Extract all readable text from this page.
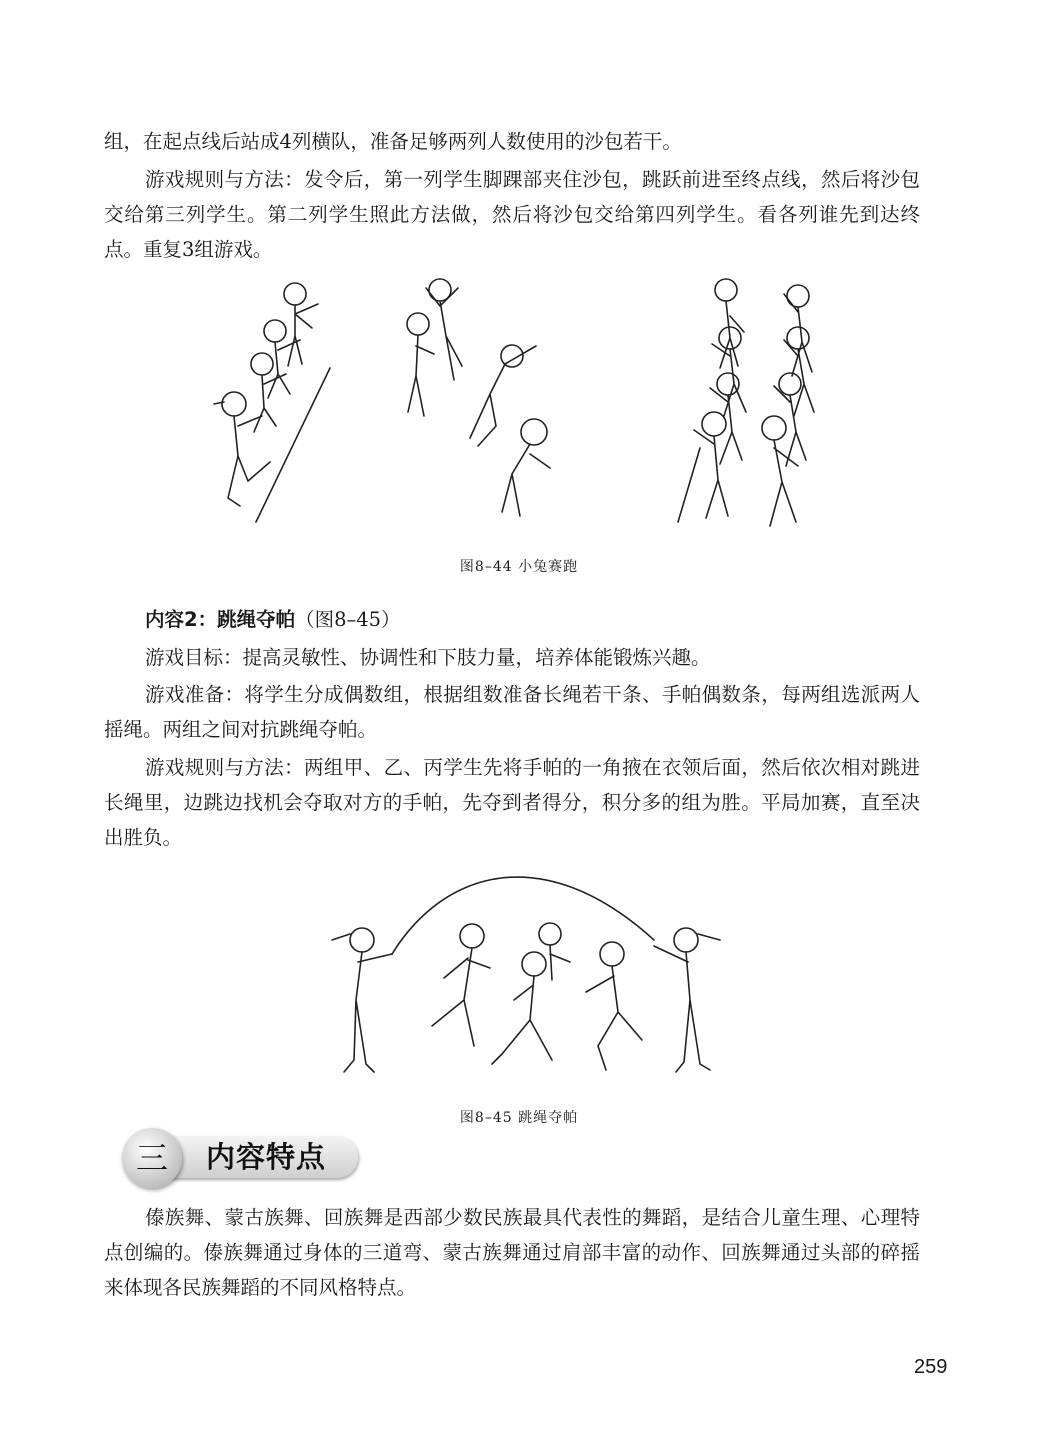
组，在起点线后站成4列横队，准备足够两列人数使用的沙包若干。

游戏规则与方法：发令后，第一列学生脚踝部夹住沙包，跳跃前进至终点线，然后将沙包交给第三列学生。第二列学生照此方法做，然后将沙包交给第四列学生。看各列谁先到达终点。重复3组游戏。

图8–44 小兔赛跑

内容2：跳绳夺帕（图8–45）

游戏目标：提高灵敏性、协调性和下肢力量，培养体能锻炼兴趣。

游戏准备：将学生分成偶数组，根据组数准备长绳若干条、手帕偶数条，每两组选派两人摇绳。两组之间对抗跳绳夺帕。

游戏规则与方法：两组甲、乙、丙学生先将手帕的一角掖在衣领后面，然后依次相对跳进长绳里，边跳边找机会夺取对方的手帕，先夺到者得分，积分多的组为胜。平局加赛，直至决出胜负。

图8–45 跳绳夺帕
三	内容特点

傣族舞、蒙古族舞、回族舞是西部少数民族最具代表性的舞蹈，是结合儿童生理、心理特点创编的。傣族舞通过身体的三道弯、蒙古族舞通过肩部丰富的动作、回族舞通过头部的碎摇来体现各民族舞蹈的不同风格特点。

259
